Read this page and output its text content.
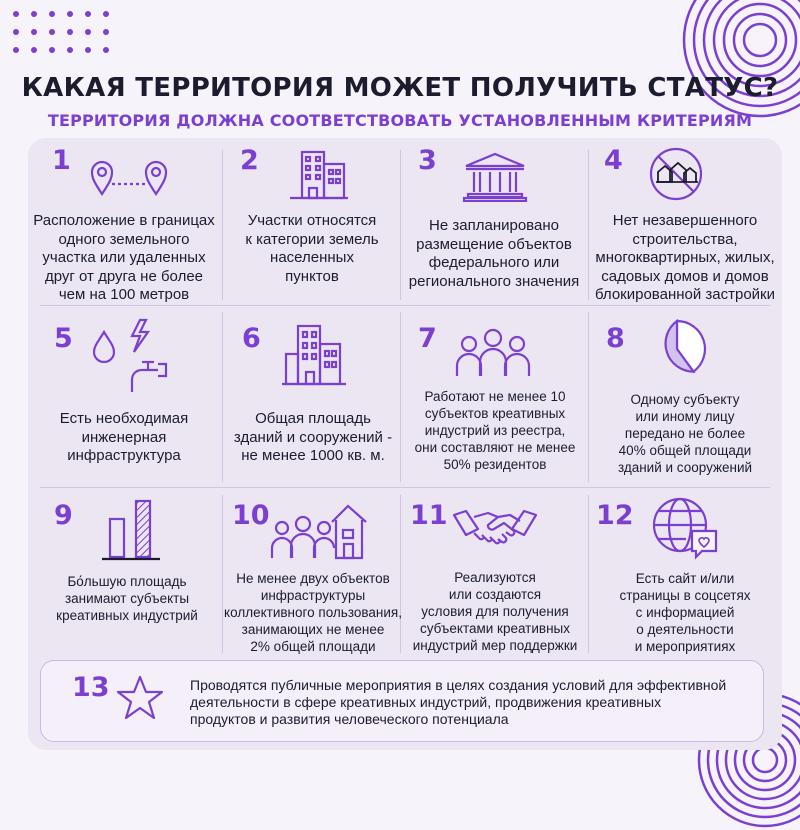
КАКАЯ ТЕРРИТОРИЯ МОЖЕТ ПОЛУЧИТЬ СТАТУС?
ТЕРРИТОРИЯ ДОЛЖНА СООТВЕТСТВОВАТЬ УСТАНОВЛЕННЫМ КРИТЕРИЯМ
1
Расположение в границах
одного земельного
участка или удаленных
друг от друга не более
чем на 100 метров
2
Участки относятся
к категории земель
населенных
пунктов
3
Не запланировано
размещение объектов
федерального или
регионального значения
4
Нет незавершенного
строительства,
многоквартирных, жилых,
садовых домов и домов
блокированной застройки
5
Есть необходимая
инженерная
инфраструктура
6
Общая площадь
зданий и сооружений -
не менее 1000 кв. м.
7
Работают не менее 10
субъектов креативных
индустрий из реестра,
они составляют не менее
50% резидентов
8
Одному субъекту
или иному лицу
передано не более
40% общей площади
зданий и сооружений
9
Бо́льшую площадь
занимают субъекты
креативных индустрий
10
Не менее двух объектов
инфраструктуры
коллективного пользования,
занимающих не менее
2% общей площади
11
Реализуются
или создаются
условия для получения
субъектами креативных
индустрий мер поддержки
12
Есть сайт и/или
страницы в соцсетях
с информацией
о деятельности
и мероприятиях
13	Проводятся публичные мероприятия в целях создания условий для эффективной
деятельности в сфере креативных индустрий, продвижения креативных
продуктов и развития человеческого потенциала
